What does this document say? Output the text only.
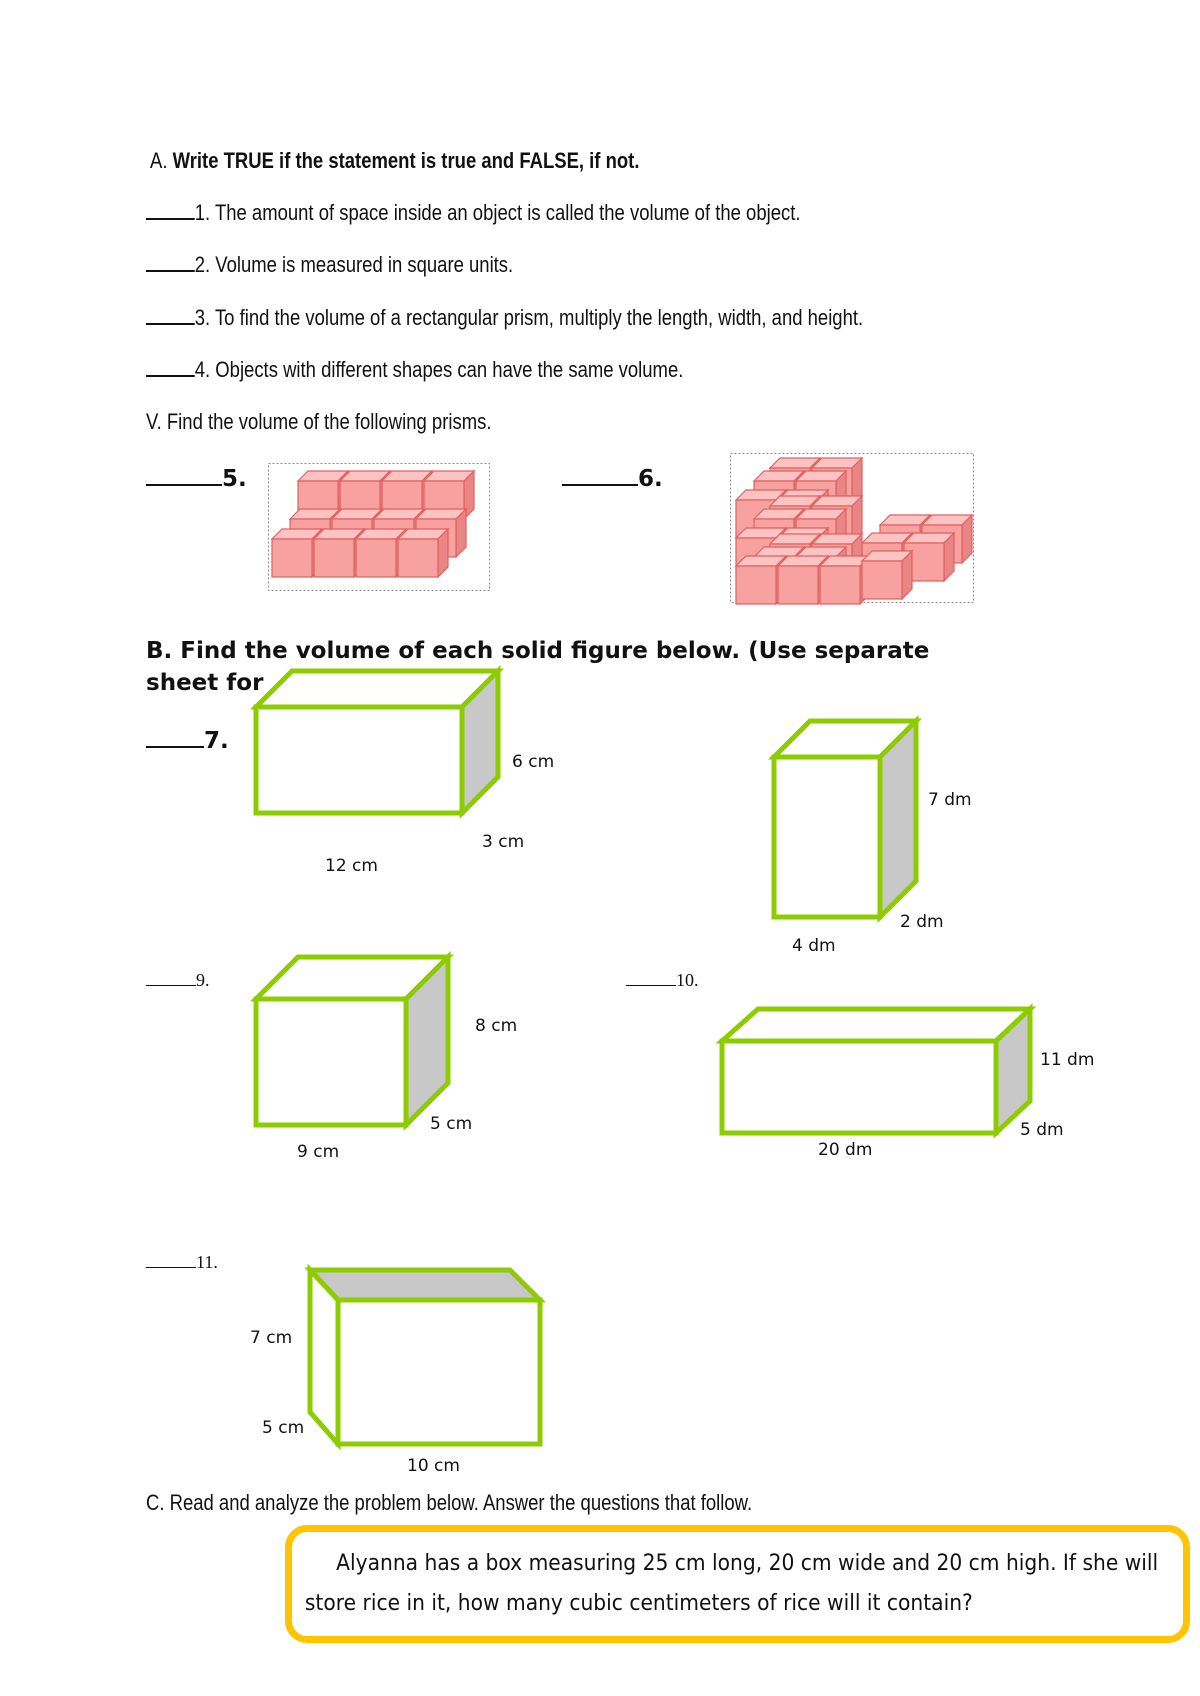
A. Write TRUE if the statement is true and FALSE, if not.
1. The amount of space inside an object is called the volume of the object.
2. Volume is measured in square units.
3. To find the volume of a rectangular prism, multiply the length, width, and height.
4. Objects with different shapes can have the same volume.
V. Find the volume of the following prisms.
5.	6.
B. Find the volume of each solid figure below. (Use separate
sheet for
7.
6 cm
3 cm
12 cm
7 dm
2 dm
4 dm
9.
8 cm
5 cm
9 cm
10.
11 dm
5 dm
20 dm
11.
7 cm
5 cm
10 cm
C. Read and analyze the problem below. Answer the questions that follow.
Alyanna has a box measuring 25 cm long, 20 cm wide and 20 cm high. If she will store rice in it, how many cubic centimeters of rice will it contain?
